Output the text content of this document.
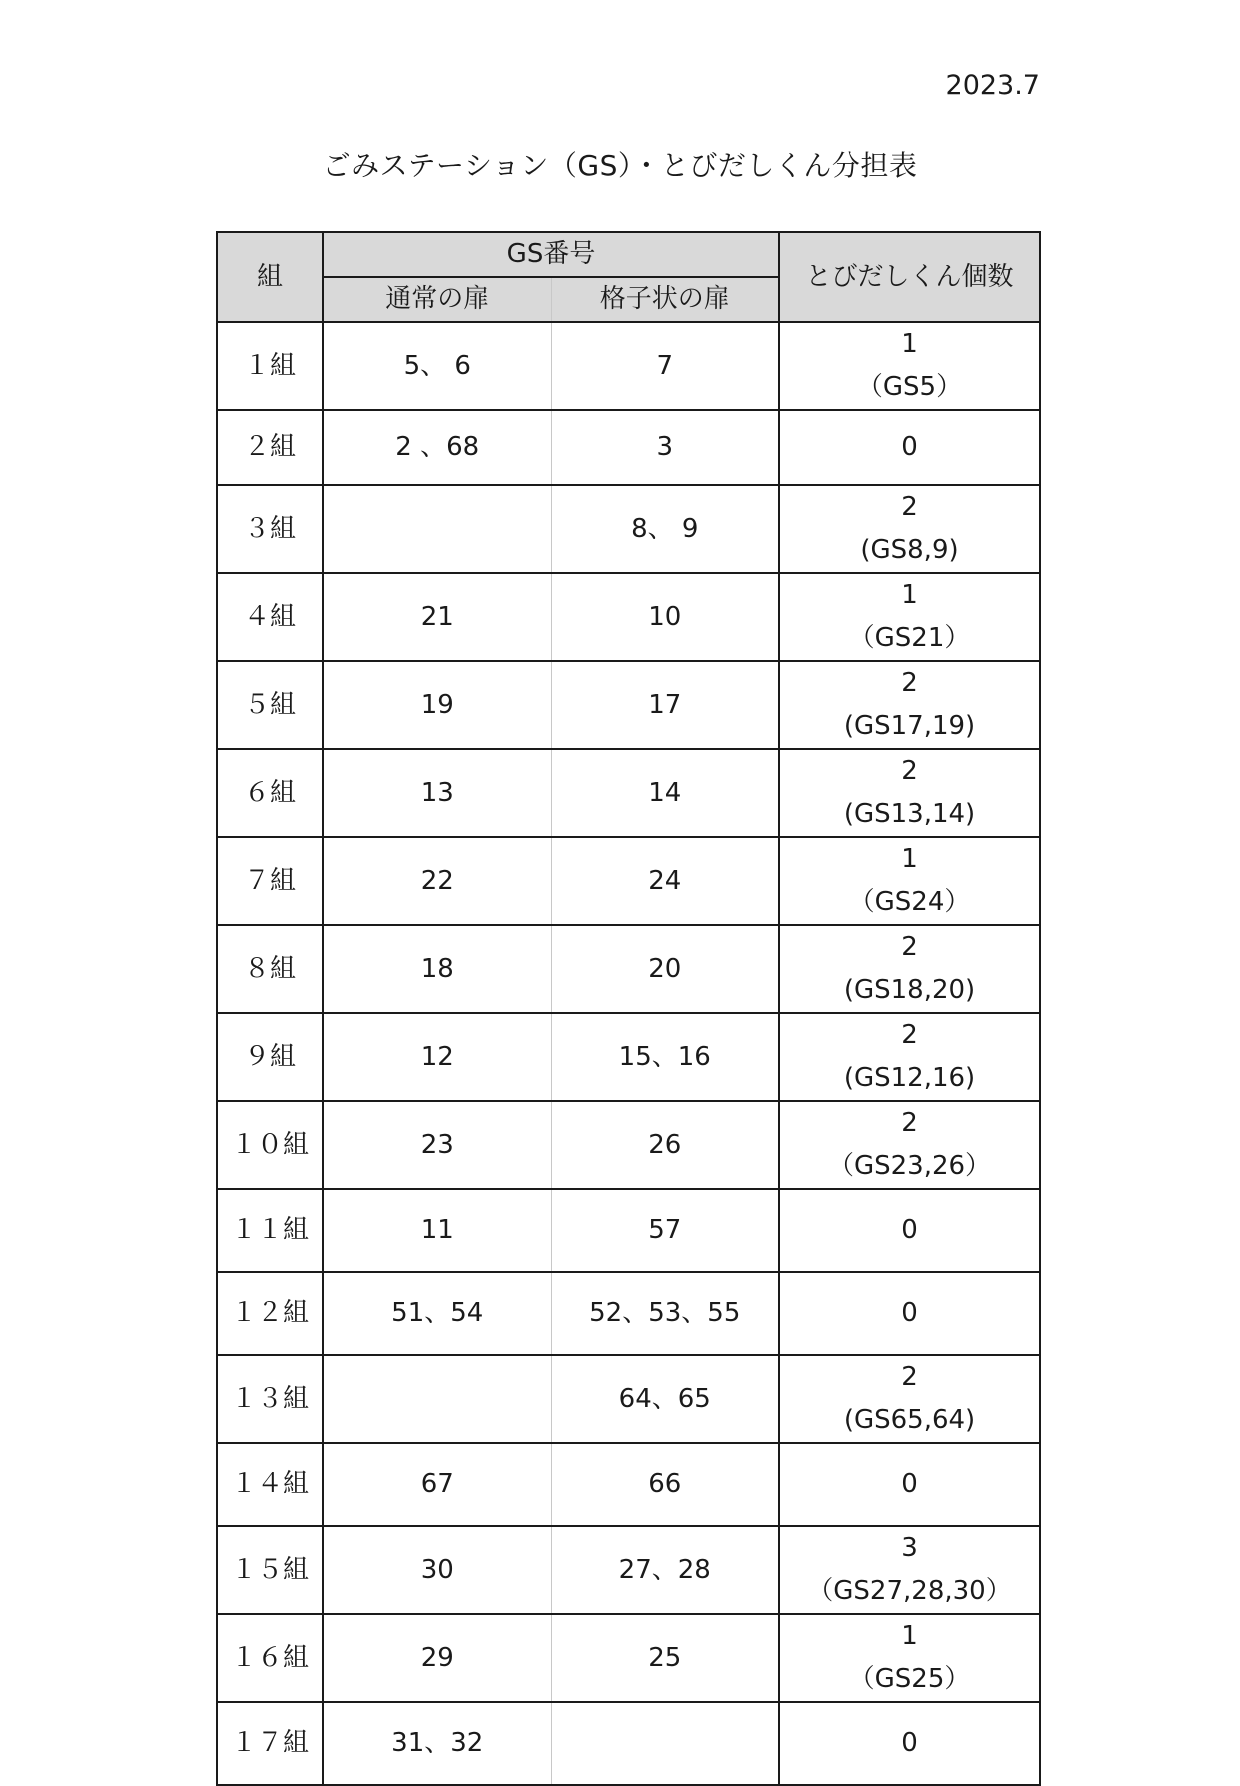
2023.7
ごみステーション（GS）・とびだしくん分担表
組	GS番号		とびだしくん個数
	通常の扉	格子状の扉	
１組	5、 6	7	1
（GS5）

２組	2 、68	3	0

３組		8、 9	2
(GS8,9)

４組	21	10	1
（GS21）

５組	19	17	2
(GS17,19)

６組	13	14	2
(GS13,14)

７組	22	24	1
（GS24）

８組	18	20	2
(GS18,20)

９組	12	15、16	2
(GS12,16)

１０組	23	26	2
（GS23,26）

１１組	11	57	0

１２組	51、54	52、53、55	0

１３組		64、65	2
(GS65,64)

１４組	67	66	0

１５組	30	27、28	3
（GS27,28,30）

１６組	29	25	1
（GS25）

１７組	31、32		0
